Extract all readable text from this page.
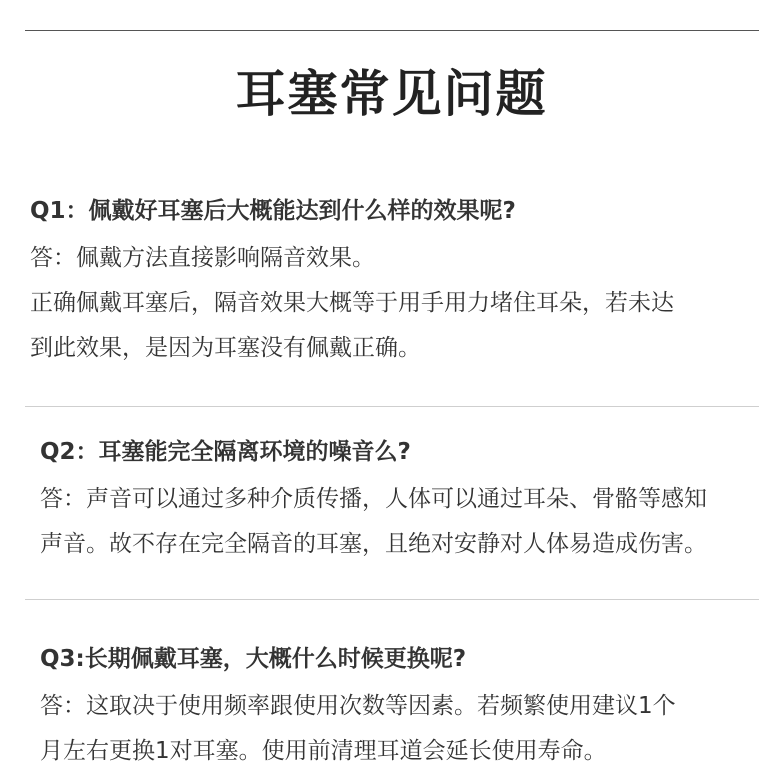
耳塞常见问题
Q1：佩戴好耳塞后大概能达到什么样的效果呢?
答：佩戴方法直接影响隔音效果。
正确佩戴耳塞后，隔音效果大概等于用手用力堵住耳朵，若未达
到此效果，是因为耳塞没有佩戴正确。
Q2：耳塞能完全隔离环境的噪音么?
答：声音可以通过多种介质传播，人体可以通过耳朵、骨骼等感知
声音。故不存在完全隔音的耳塞，且绝对安静对人体易造成伤害。
Q3:长期佩戴耳塞，大概什么时候更换呢?
答：这取决于使用频率跟使用次数等因素。若频繁使用建议1个
月左右更换1对耳塞。使用前清理耳道会延长使用寿命。
